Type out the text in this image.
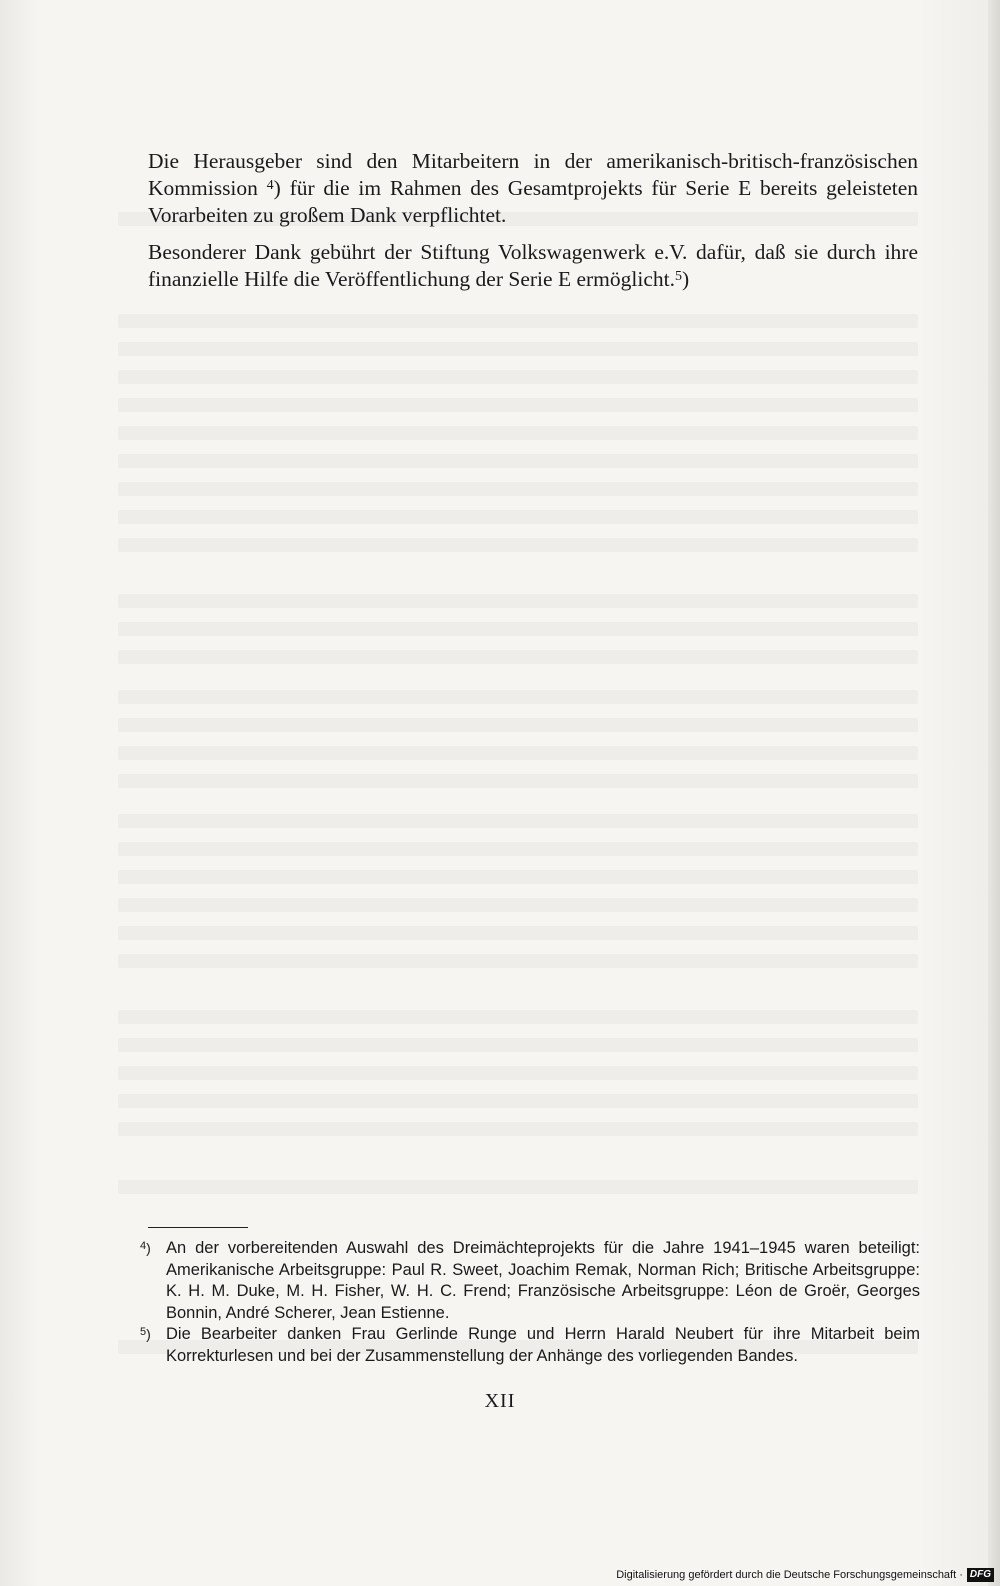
Die Herausgeber sind den Mitarbeitern in der amerikanisch-britisch-französischen Kommission $^4$) für die im Rahmen des Gesamtprojekts für Serie E bereits geleisteten Vorarbeiten zu großem Dank verpflichtet.

Besonderer Dank gebührt der Stiftung Volkswagenwerk e.V. dafür, daß sie durch ihre finanzielle Hilfe die Veröffentlichung der Serie E ermöglicht.$^5$)

$^4$) An der vorbereitenden Auswahl des Dreimächteprojekts für die Jahre 1941–1945 waren beteiligt: Amerikanische Arbeitsgruppe: Paul R. Sweet, Joachim Remak, Norman Rich; Britische Arbeitsgruppe: K. H. M. Duke, M. H. Fisher, W. H. C. Frend; Französische Arbeitsgruppe: Léon de Groër, Georges Bonnin, André Scherer, Jean Estienne.
$^5$) Die Bearbeiter danken Frau Gerlinde Runge und Herrn Harald Neubert für ihre Mitarbeit beim Korrekturlesen und bei der Zusammenstellung der Anhänge des vorliegenden Bandes.
XII
Digitalisierung gefördert durch die Deutsche Forschungsgemeinschaft · DFG
